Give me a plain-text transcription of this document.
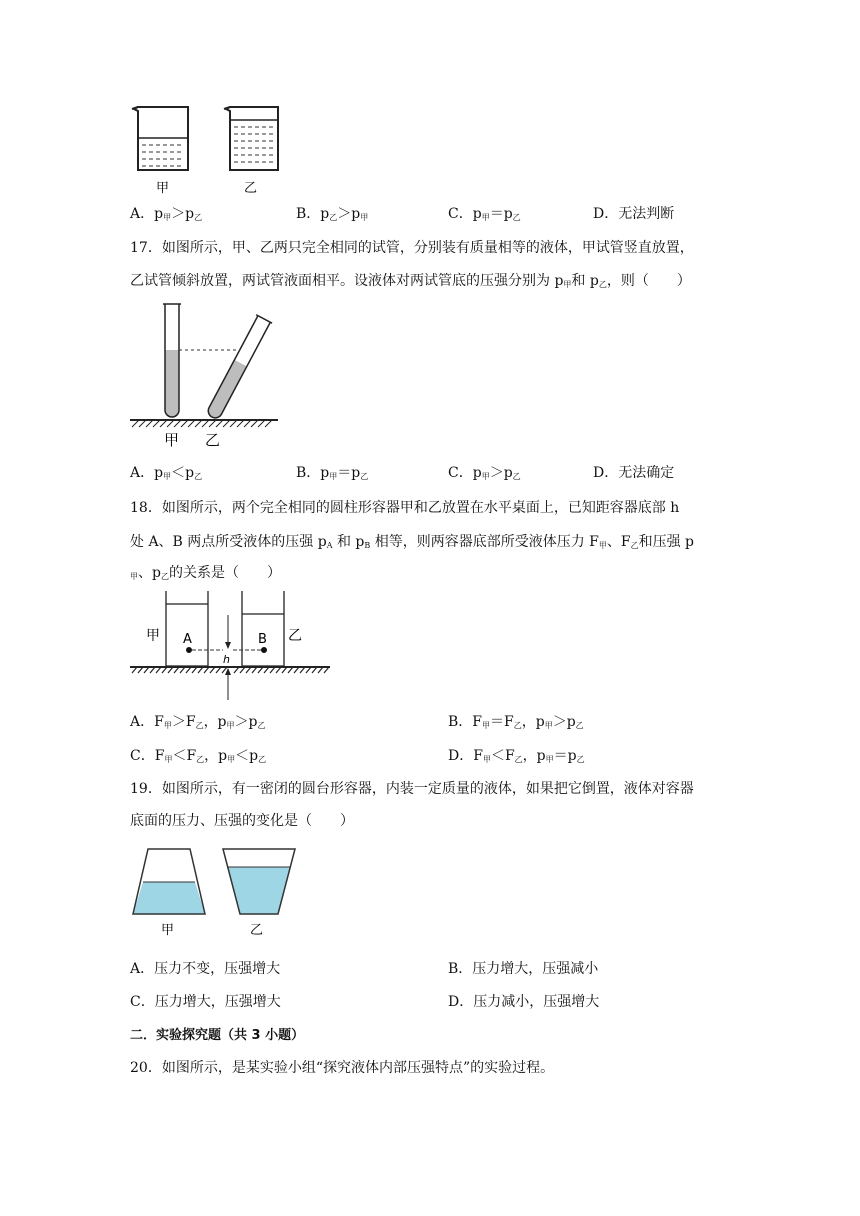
甲	乙
A．$p_甲>p_乙$	B．$p_乙>p_甲$	C．$p_甲=p_乙$	D．无法判断
17．如图所示，甲、乙两只完全相同的试管，分别装有质量相等的液体，甲试管竖直放置，
乙试管倾斜放置，两试管液面相平。设液体对两试管底的压强分别为 $p_甲$和 $p_乙$，则（　　）
甲 乙
A．$p_甲<p_乙$	B．$p_甲=p_乙$	C．$p_甲>p_乙$	D．无法确定
18．如图所示，两个完全相同的圆柱形容器甲和乙放置在水平桌面上，已知距容器底部 h
处 A、B 两点所受液体的压强 $p_A$ 和 $p_B$ 相等，则两容器底部所受液体压力 $F_甲$、$F_乙$和压强 p
$_甲$、$p_乙$的关系是（　　）
h
A	B
甲	乙
A．$F_甲>F_乙$，$p_甲>p_乙$	B．$F_甲=F_乙$，$p_甲>p_乙$
C．$F_甲<F_乙$，$p_甲<p_乙$	D．$F_甲<F_乙$，$p_甲=p_乙$
19．如图所示，有一密闭的圆台形容器，内装一定质量的液体，如果把它倒置，液体对容器
底面的压力、压强的变化是（　　）
甲	乙
A．压力不变，压强增大	B．压力增大，压强减小
C．压力增大，压强增大	D．压力减小，压强增大
二．实验探究题（共 3 小题）
20．如图所示，是某实验小组“探究液体内部压强特点”的实验过程。
